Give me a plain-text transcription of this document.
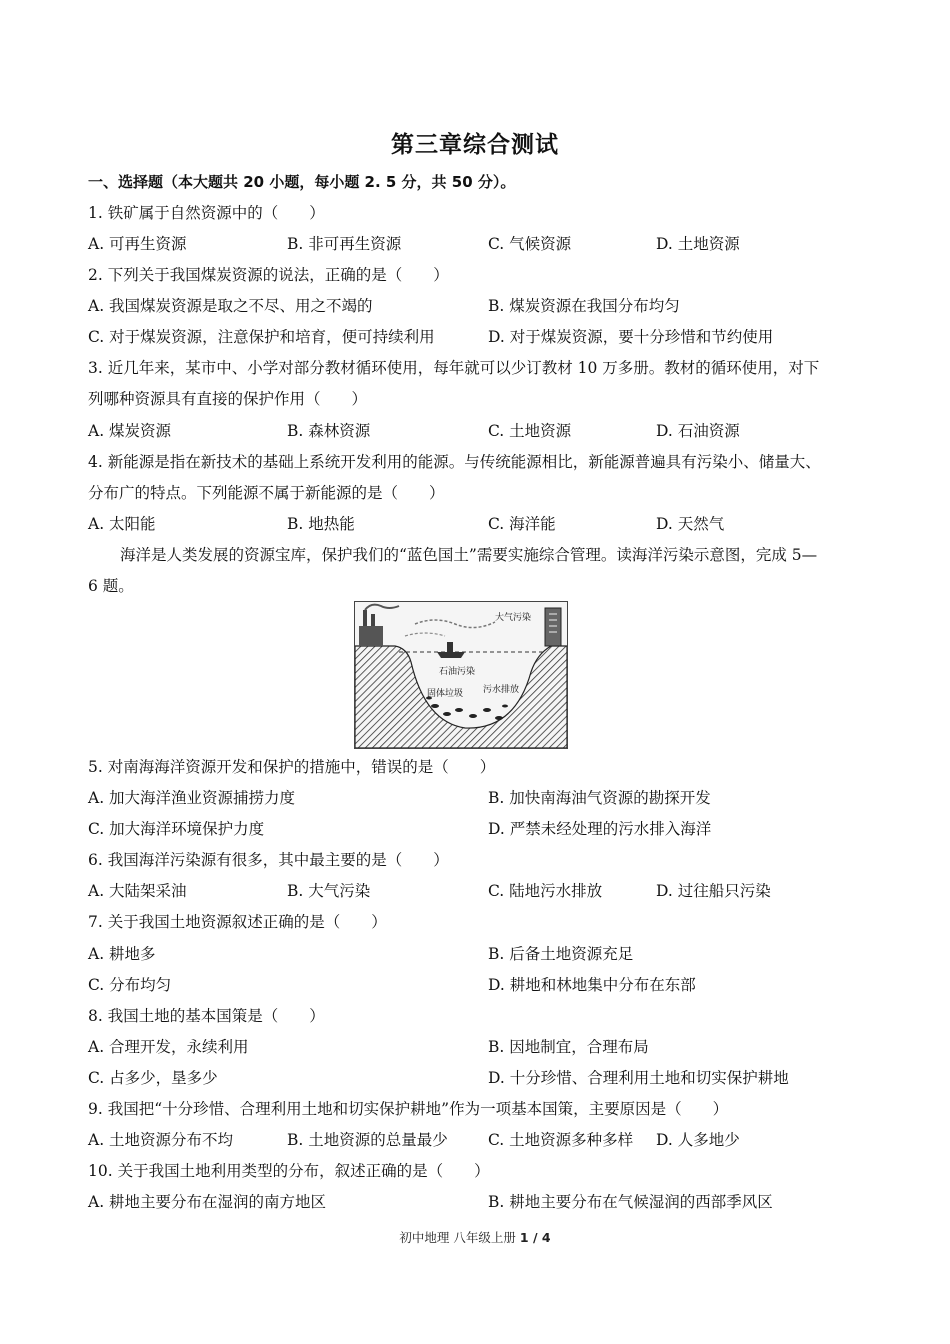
第三章综合测试
一、选择题（本大题共 20 小题，每小题 2. 5 分，共 50 分）。
1. 铁矿属于自然资源中的（　　）
A. 可再生资源	B. 非可再生资源	C. 气候资源	D. 土地资源
2. 下列关于我国煤炭资源的说法，正确的是（　　）
A. 我国煤炭资源是取之不尽、用之不竭的	B. 煤炭资源在我国分布均匀
C. 对于煤炭资源，注意保护和培育，便可持续利用	D. 对于煤炭资源，要十分珍惜和节约使用
3. 近几年来，某市中、小学对部分教材循环使用，每年就可以少订教材 10 万多册。教材的循环使用，对下
列哪种资源具有直接的保护作用（　　）
A. 煤炭资源	B. 森林资源	C. 土地资源	D. 石油资源
4. 新能源是指在新技术的基础上系统开发利用的能源。与传统能源相比，新能源普遍具有污染小、储量大、
分布广的特点。下列能源不属于新能源的是（　　）
A. 太阳能	B. 地热能	C. 海洋能	D. 天然气
海洋是人类发展的资源宝库，保护我们的“蓝色国土”需要实施综合管理。读海洋污染示意图，完成 5—
6 题。
大气污染
石油污染
污水排放
固体垃圾
5. 对南海海洋资源开发和保护的措施中，错误的是（　　）
A. 加大海洋渔业资源捕捞力度	B. 加快南海油气资源的勘探开发
C. 加大海洋环境保护力度	D. 严禁未经处理的污水排入海洋
6. 我国海洋污染源有很多，其中最主要的是（　　）
A. 大陆架采油	B. 大气污染	C. 陆地污水排放	D. 过往船只污染
7. 关于我国土地资源叙述正确的是（　　）
A. 耕地多	B. 后备土地资源充足
C. 分布均匀	D. 耕地和林地集中分布在东部
8. 我国土地的基本国策是（　　）
A. 合理开发，永续利用	B. 因地制宜，合理布局
C. 占多少，垦多少	D. 十分珍惜、合理利用土地和切实保护耕地
9. 我国把“十分珍惜、合理利用土地和切实保护耕地”作为一项基本国策，主要原因是（　　）
A. 土地资源分布不均	B. 土地资源的总量最少	C. 土地资源多种多样 D. 人多地少
10. 关于我国土地利用类型的分布，叙述正确的是（　　）
A. 耕地主要分布在湿润的南方地区	B. 耕地主要分布在气候湿润的西部季风区
初中地理 八年级上册 1 / 4
